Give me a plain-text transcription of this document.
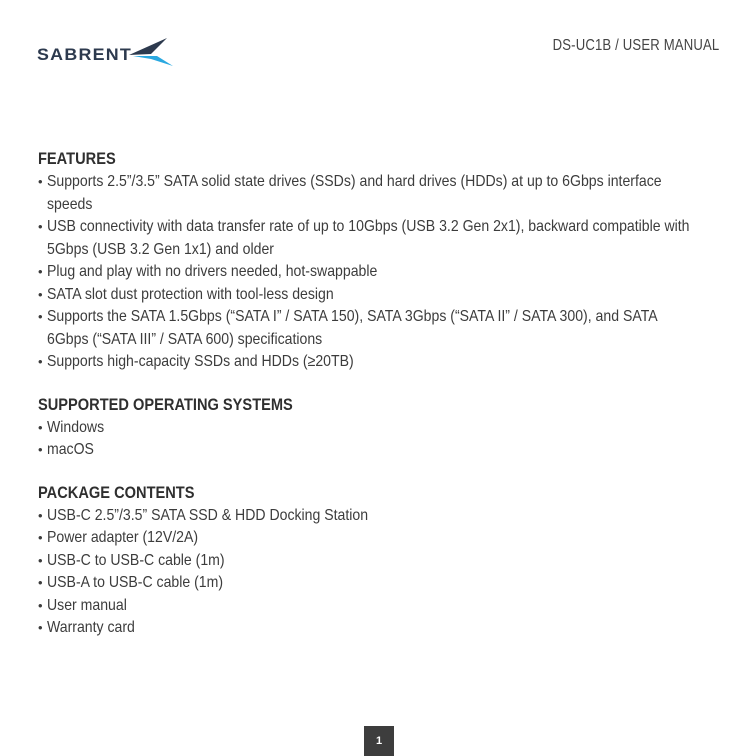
SABRENT	DS-UC1B / USER MANUAL
FEATURES
• Supports 2.5”/3.5” SATA solid state drives (SSDs) and hard drives (HDDs) at up to 6Gbps interface speeds
• USB connectivity with data transfer rate of up to 10Gbps (USB 3.2 Gen 2x1), backward compatible with 5Gbps (USB 3.2 Gen 1x1) and older
• Plug and play with no drivers needed, hot-swappable
• SATA slot dust protection with tool-less design
• Supports the SATA 1.5Gbps (“SATA I” / SATA 150), SATA 3Gbps (“SATA II” / SATA 300), and SATA 6Gbps (“SATA III” / SATA 600) specifications
• Supports high-capacity SSDs and HDDs (≥20TB)
SUPPORTED OPERATING SYSTEMS
• Windows
• macOS
PACKAGE CONTENTS
• USB-C 2.5”/3.5” SATA SSD & HDD Docking Station
• Power adapter (12V/2A)
• USB-C to USB-C cable (1m)
• USB-A to USB-C cable (1m)
• User manual
• Warranty card
1
